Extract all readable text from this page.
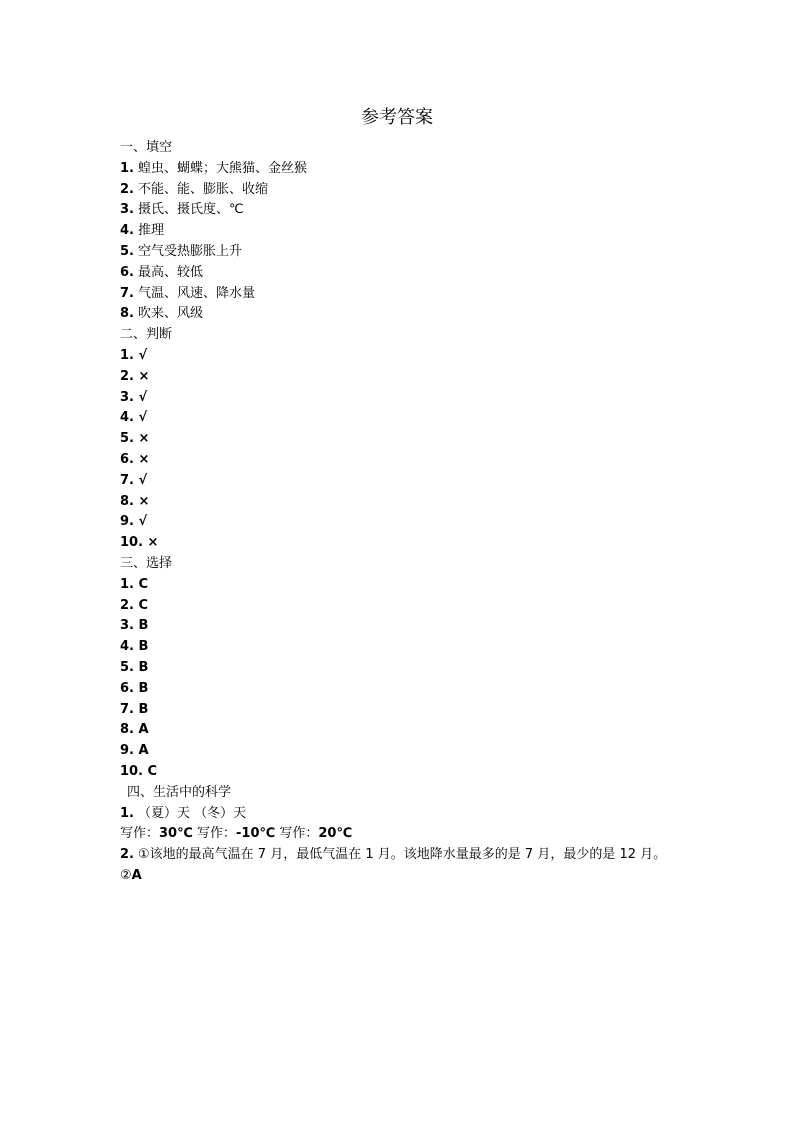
参考答案
一、填空
1. 蝗虫、蝴蝶；大熊猫、金丝猴
2. 不能、能、膨胀、收缩
3. 摄氏、摄氏度、℃
4. 推理
5. 空气受热膨胀上升
6. 最高、较低
7. 气温、风速、降水量
8. 吹来、风级
二、判断
1. √
2. ×
3. √
4. √
5. ×
6. ×
7. √
8. ×
9. √
10. ×
三、选择
1. C
2. C
3. B
4. B
5. B
6. B
7. B
8. A
9. A
10. C
四、生活中的科学
1. （夏）天 （冬）天
写作：30℃ 写作：-10℃ 写作：20℃
2. ①该地的最高气温在 7 月，最低气温在 1 月。该地降水量最多的是 7 月，最少的是 12 月。
②A
